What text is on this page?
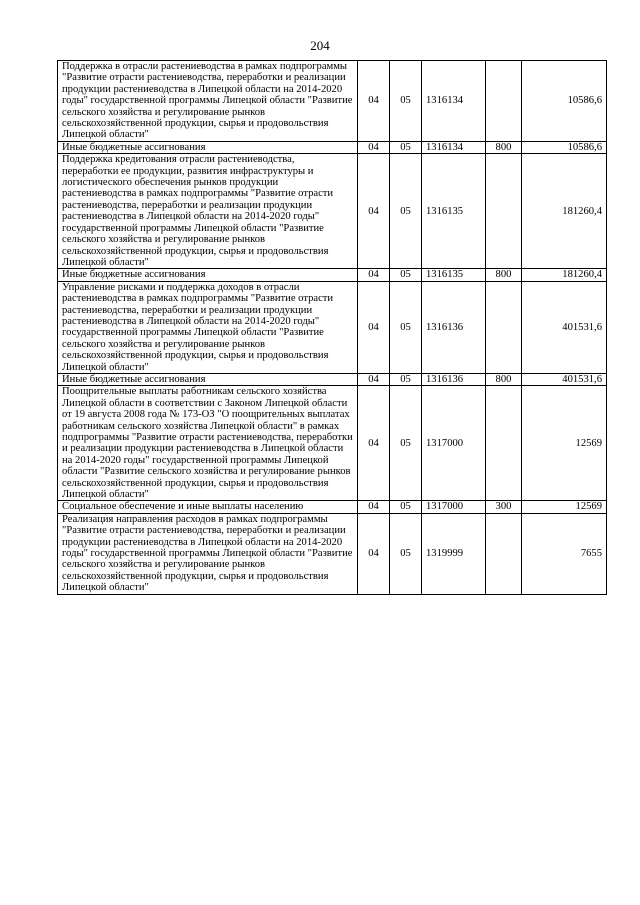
204
Поддержка в отрасли растениеводства в рамках подпрограммы "Развитие отрасти растениеводства, переработки и реализации продукции растениеводства в Липецкой области на 2014-2020 годы" государственной программы Липецкой области "Развитие сельского хозяйства и регулирование рынков сельскохозяйственной продукции, сырья и продовольствия Липецкой области"	04	05	1316134		10586,6
Иные бюджетные ассигнования	04	05	1316134	800	10586,6
Поддержка кредитования отрасли растениеводства, переработки ее продукции, развития инфраструктуры и логистического обеспечения рынков продукции растениеводства в рамках подпрограммы "Развитие отрасти растениеводства, переработки и реализации продукции растениеводства в Липецкой области на 2014-2020 годы" государственной программы Липецкой области "Развитие сельского хозяйства и регулирование рынков сельскохозяйственной продукции, сырья и продовольствия Липецкой области"	04	05	1316135		181260,4
Иные бюджетные ассигнования	04	05	1316135	800	181260,4
Управление рисками и поддержка доходов в отрасли растениеводства в рамках подпрограммы "Развитие отрасти растениеводства, переработки и реализации продукции растениеводства в Липецкой области на 2014-2020 годы" государственной программы Липецкой области "Развитие сельского хозяйства и регулирование рынков сельскохозяйственной продукции, сырья и продовольствия Липецкой области"	04	05	1316136		401531,6
Иные бюджетные ассигнования	04	05	1316136	800	401531,6
Поощрительные выплаты работникам сельского хозяйства Липецкой области в соответствии с Законом Липецкой области от 19 августа 2008 года № 173-ОЗ "О поощрительных выплатах работникам сельского хозяйства Липецкой области" в рамках подпрограммы "Развитие отрасти растениеводства, переработки и реализации продукции растениеводства в Липецкой области на 2014-2020 годы" государственной программы Липецкой области "Развитие сельского хозяйства и регулирование рынков сельскохозяйственной продукции, сырья и продовольствия Липецкой области"	04	05	1317000		12569
Социальное обеспечение и иные выплаты населению	04	05	1317000	300	12569
Реализация направления расходов в рамках подпрограммы "Развитие отрасти растениеводства, переработки и реализации продукции растениеводства в Липецкой области на 2014-2020 годы" государственной программы Липецкой области "Развитие сельского хозяйства и регулирование рынков сельскохозяйственной продукции, сырья и продовольствия Липецкой области"	04	05	1319999		7655
